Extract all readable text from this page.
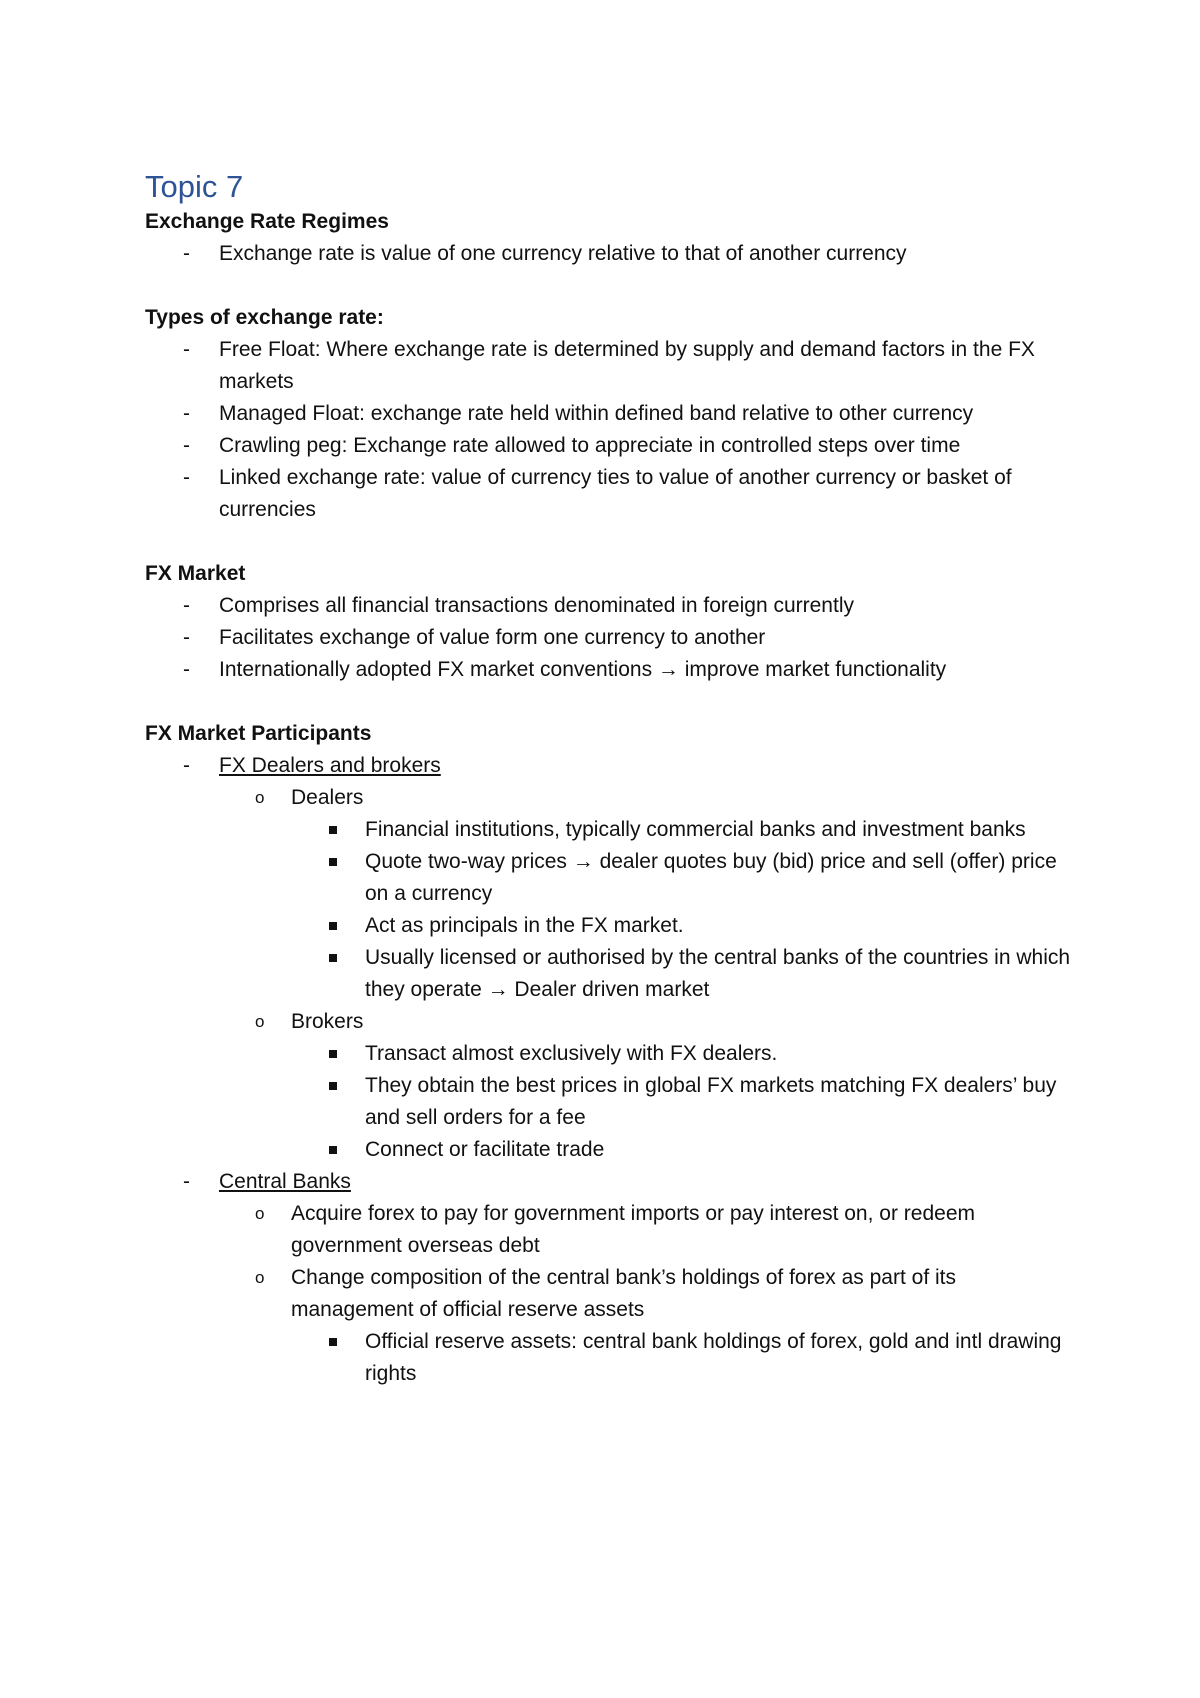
Topic 7

Exchange Rate Regimes

- Exchange rate is value of one currency relative to that of another currency

Types of exchange rate:

- Free Float: Where exchange rate is determined by supply and demand factors in the FX markets
- Managed Float: exchange rate held within defined band relative to other currency
- Crawling peg: Exchange rate allowed to appreciate in controlled steps over time
- Linked exchange rate: value of currency ties to value of another currency or basket of currencies

FX Market

- Comprises all financial transactions denominated in foreign currently
- Facilitates exchange of value form one currency to another
- Internationally adopted FX market conventions → improve market functionality

FX Market Participants

- FX Dealers and brokers
o Dealers
Financial institutions, typically commercial banks and investment banks
Quote two-way prices → dealer quotes buy (bid) price and sell (offer) price on a currency
Act as principals in the FX market.
Usually licensed or authorised by the central banks of the countries in which they operate → Dealer driven market
o Brokers
Transact almost exclusively with FX dealers.
They obtain the best prices in global FX markets matching FX dealers’ buy and sell orders for a fee
Connect or facilitate trade
- Central Banks
o Acquire forex to pay for government imports or pay interest on, or redeem government overseas debt
o Change composition of the central bank’s holdings of forex as part of its management of official reserve assets
Official reserve assets: central bank holdings of forex, gold and intl drawing rights
